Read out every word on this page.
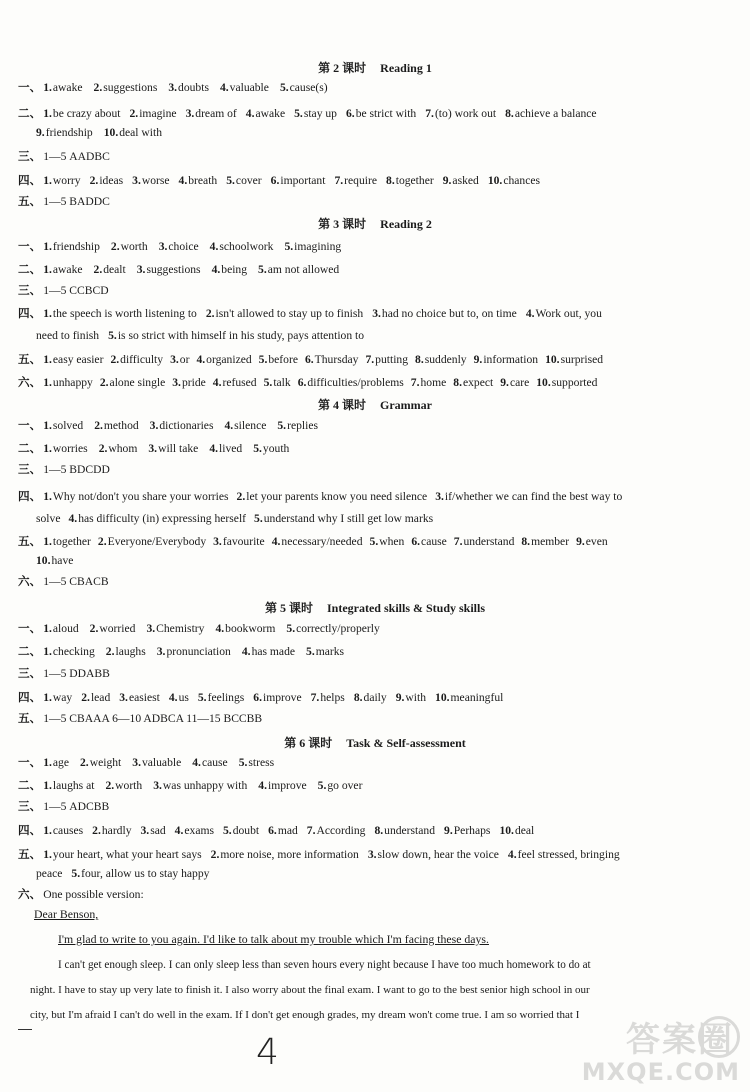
第 2 课时 Reading 1
一、 1.awake 2.suggestions 3.doubts 4.valuable 5.cause(s)
二、 1.be crazy about 2.imagine 3.dream of 4.awake 5.stay up 6.be strict with 7.(to) work out 8.achieve a balance
9.friendship 10.deal with
三、 1—5 AADBC
四、 1.worry 2.ideas 3.worse 4.breath 5.cover 6.important 7.require 8.together 9.asked 10.chances
五、 1—5 BADDC
第 3 课时 Reading 2
一、 1.friendship 2.worth 3.choice 4.schoolwork 5.imagining
二、 1.awake 2.dealt 3.suggestions 4.being 5.am not allowed
三、 1—5 CCBCD
四、 1.the speech is worth listening to 2.isn't allowed to stay up to finish 3.had no choice but to, on time 4.Work out, you
need to finish 5.is so strict with himself in his study, pays attention to
五、 1.easy easier 2.difficulty 3.or 4.organized 5.before 6.Thursday 7.putting 8.suddenly 9.information 10.surprised
六、 1.unhappy 2.alone single 3.pride 4.refused 5.talk 6.difficulties/problems 7.home 8.expect 9.care 10.supported
第 4 课时 Grammar
一、 1.solved 2.method 3.dictionaries 4.silence 5.replies
二、 1.worries 2.whom 3.will take 4.lived 5.youth
三、 1—5 BDCDD
四、 1.Why not/don't you share your worries 2.let your parents know you need silence 3.if/whether we can find the best way to
solve 4.has difficulty (in) expressing herself 5.understand why I still get low marks
五、 1.together 2.Everyone/Everybody 3.favourite 4.necessary/needed 5.when 6.cause 7.understand 8.member 9.even
10.have
六、 1—5 CBACB
第 5 课时 Integrated skills & Study skills
一、 1.aloud 2.worried 3.Chemistry 4.bookworm 5.correctly/properly
二、 1.checking 2.laughs 3.pronunciation 4.has made 5.marks
三、 1—5 DDABB
四、 1.way 2.lead 3.easiest 4.us 5.feelings 6.improve 7.helps 8.daily 9.with 10.meaningful
五、 1—5 CBAAA 6—10 ADBCA 11—15 BCCBB
第 6 课时 Task & Self-assessment
一、 1.age 2.weight 3.valuable 4.cause 5.stress
二、 1.laughs at 2.worth 3.was unhappy with 4.improve 5.go over
三、 1—5 ADCBB
四、 1.causes 2.hardly 3.sad 4.exams 5.doubt 6.mad 7.According 8.understand 9.Perhaps 10.deal
五、 1.your heart, what your heart says 2.more noise, more information 3.slow down, hear the voice 4.feel stressed, bringing
peace 5.four, allow us to stay happy
六、 One possible version:
Dear Benson,
I'm glad to write to you again. I'd like to talk about my trouble which I'm facing these days.
I can't get enough sleep. I can only sleep less than seven hours every night because I have too much homework to do at
night. I have to stay up very late to finish it. I also worry about the final exam. I want to go to the best senior high school in our
city, but I'm afraid I can't do well in the exam. If I don't get enough grades, my dream won't come true. I am so worried that I
4	答案圈
MXQE.COM
